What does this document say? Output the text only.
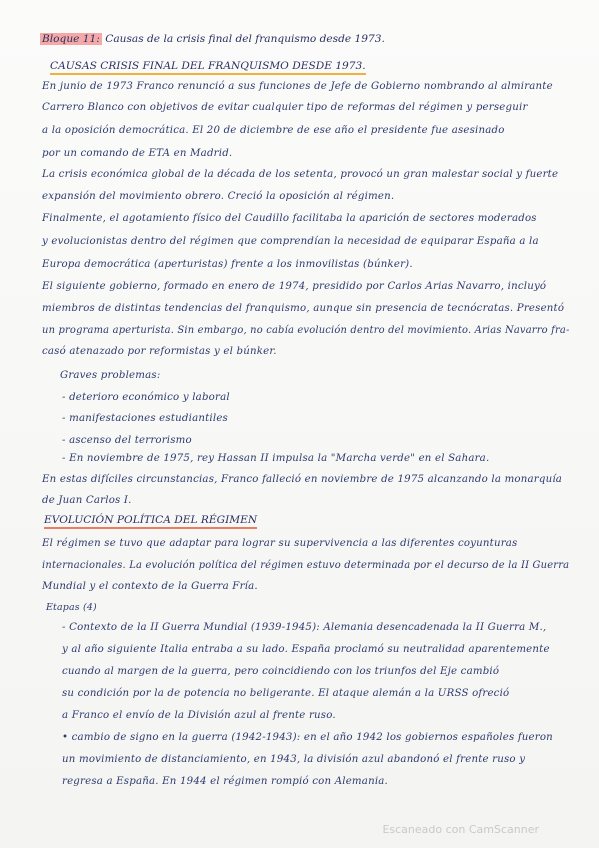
Bloque 11: Causas de la crisis final del franquismo desde 1973.
CAUSAS CRISIS FINAL DEL FRANQUISMO DESDE 1973.
En junio de 1973 Franco renunció a sus funciones de Jefe de Gobierno nombrando al almirante
Carrero Blanco con objetivos de evitar cualquier tipo de reformas del régimen y perseguir
a la oposición democrática. El 20 de diciembre de ese año el presidente fue asesinado
por un comando de ETA en Madrid.
La crisis económica global de la década de los setenta, provocó un gran malestar social y fuerte
expansión del movimiento obrero. Creció la oposición al régimen.
Finalmente, el agotamiento físico del Caudillo facilitaba la aparición de sectores moderados
y evolucionistas dentro del régimen que comprendían la necesidad de equiparar España a la
Europa democrática (aperturistas) frente a los inmovilistas (búnker).
El siguiente gobierno, formado en enero de 1974, presidido por Carlos Arias Navarro, incluyó
miembros de distintas tendencias del franquismo, aunque sin presencia de tecnócratas. Presentó
un programa aperturista. Sin embargo, no cabía evolución dentro del movimiento. Arias Navarro fra-
casó atenazado por reformistas y el búnker.
Graves problemas:
- deterioro económico y laboral
- manifestaciones estudiantiles
- ascenso del terrorismo
- En noviembre de 1975, rey Hassan II impulsa la "Marcha verde" en el Sahara.
En estas difíciles circunstancias, Franco falleció en noviembre de 1975 alcanzando la monarquía
de Juan Carlos I.
EVOLUCIÓN POLÍTICA DEL RÉGIMEN
El régimen se tuvo que adaptar para lograr su supervivencia a las diferentes coyunturas
internacionales. La evolución política del régimen estuvo determinada por el decurso de la II Guerra
Mundial y el contexto de la Guerra Fría.
Etapas (4)
- Contexto de la II Guerra Mundial (1939-1945): Alemania desencadenada la II Guerra M.,
y al año siguiente Italia entraba a su lado. España proclamó su neutralidad aparentemente
cuando al margen de la guerra, pero coincidiendo con los triunfos del Eje cambió
su condición por la de potencia no beligerante. El ataque alemán a la URSS ofreció
a Franco el envío de la División azul al frente ruso.
• cambio de signo en la guerra (1942-1943): en el año 1942 los gobiernos españoles fueron
un movimiento de distanciamiento, en 1943, la división azul abandonó el frente ruso y
regresa a España. En 1944 el régimen rompió con Alemania.
Escaneado con CamScanner
